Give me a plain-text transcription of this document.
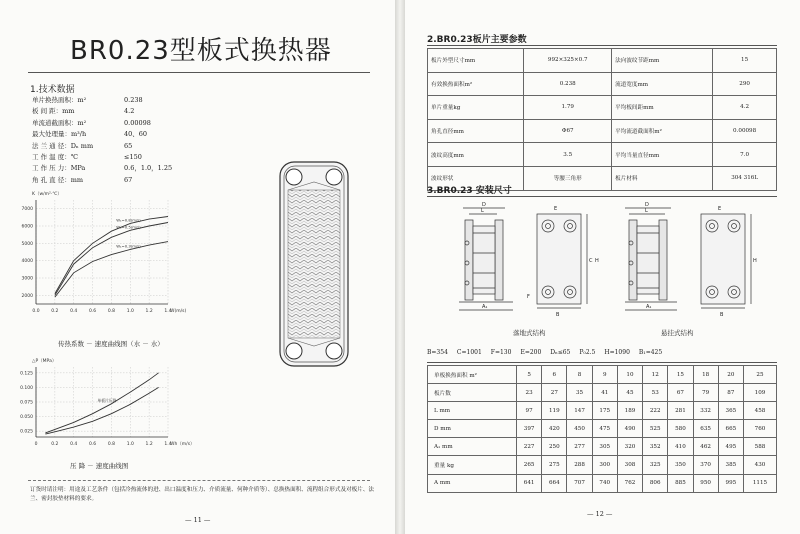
BR0.23型板式换热器
1.技术数据
单片换热面积：m²	0.238
板 间 距：mm	4.2
单流道截面积：m²	0.00098
最大处理量：m³/h	40、60
法 兰 通 径：Dₙ mm	65
工 作 温 度：℃	≤150
工 作 压 力：MPa	0.6，1.0，1.25
角 孔 直 径：mm	67
0.0	0.2	0.4	0.6	0.8	1.0	1.2	1.4
2000
3000
4000
5000
6000
7000
K（w/m²·℃）
W(m/s)
W₁=0.8(m/s)
W₁=0.5(m/s)
W₁=0.3(m/s)
传热系数 － 速度曲线图（水 － 水）
0	0.2	0.4	0.6	0.8	1.0	1.2	1.4
0.025
0.050
0.075
0.100
0.125
△P（MPa）
Wh（m/s）
单板片压降
压 降 － 速度曲线图
订货时请注明：用途及工艺条件（包括冷热流体的进、出口温度和压力、介质流量、何种介质等）、总换热面积、流程组合形式及对板片、法兰、密封胶垫材料的要求。
— 11 —
2.BR0.23板片主要参数
板片外型尺寸mm	992×325×0.7	法向波纹节距mm	15
有效换热面积m²	0.238	流道宽度mm	290
单片重量kg	1.79	平均板间距mm	4.2
角孔直径mm	Φ67	平均流道截面积m²	0.00098
波纹高度mm	3.5	平均当量直径mm	7.0
波纹形状	等腰三角形	板片材料	304 316L
3.BR0.23 安装尺寸
D
L	E
C H
B
A₁
F
D
L	E
H
B
A₁
落地式结构	悬挂式结构
B=354 C=1001 F=130 E=200 Dₙ≤65 P₀2.5 H=1090 B₁=425
单板换热面积 m²	5	6	8	9	10	12	15	18	20	25
板片数	23	27	35	41	45	53	67	79	87	109
L mm	97	119	147	175	189	222	281	332	365	458
D mm	397	420	450	475	490	525	580	635	665	760
A₁ mm	227	250	277	305	320	352	410	462	495	588
重量 kg	265	275	288	300	308	325	350	370	385	430
A mm	641	664	707	740	762	806	885	950	995	1115
— 12 —
